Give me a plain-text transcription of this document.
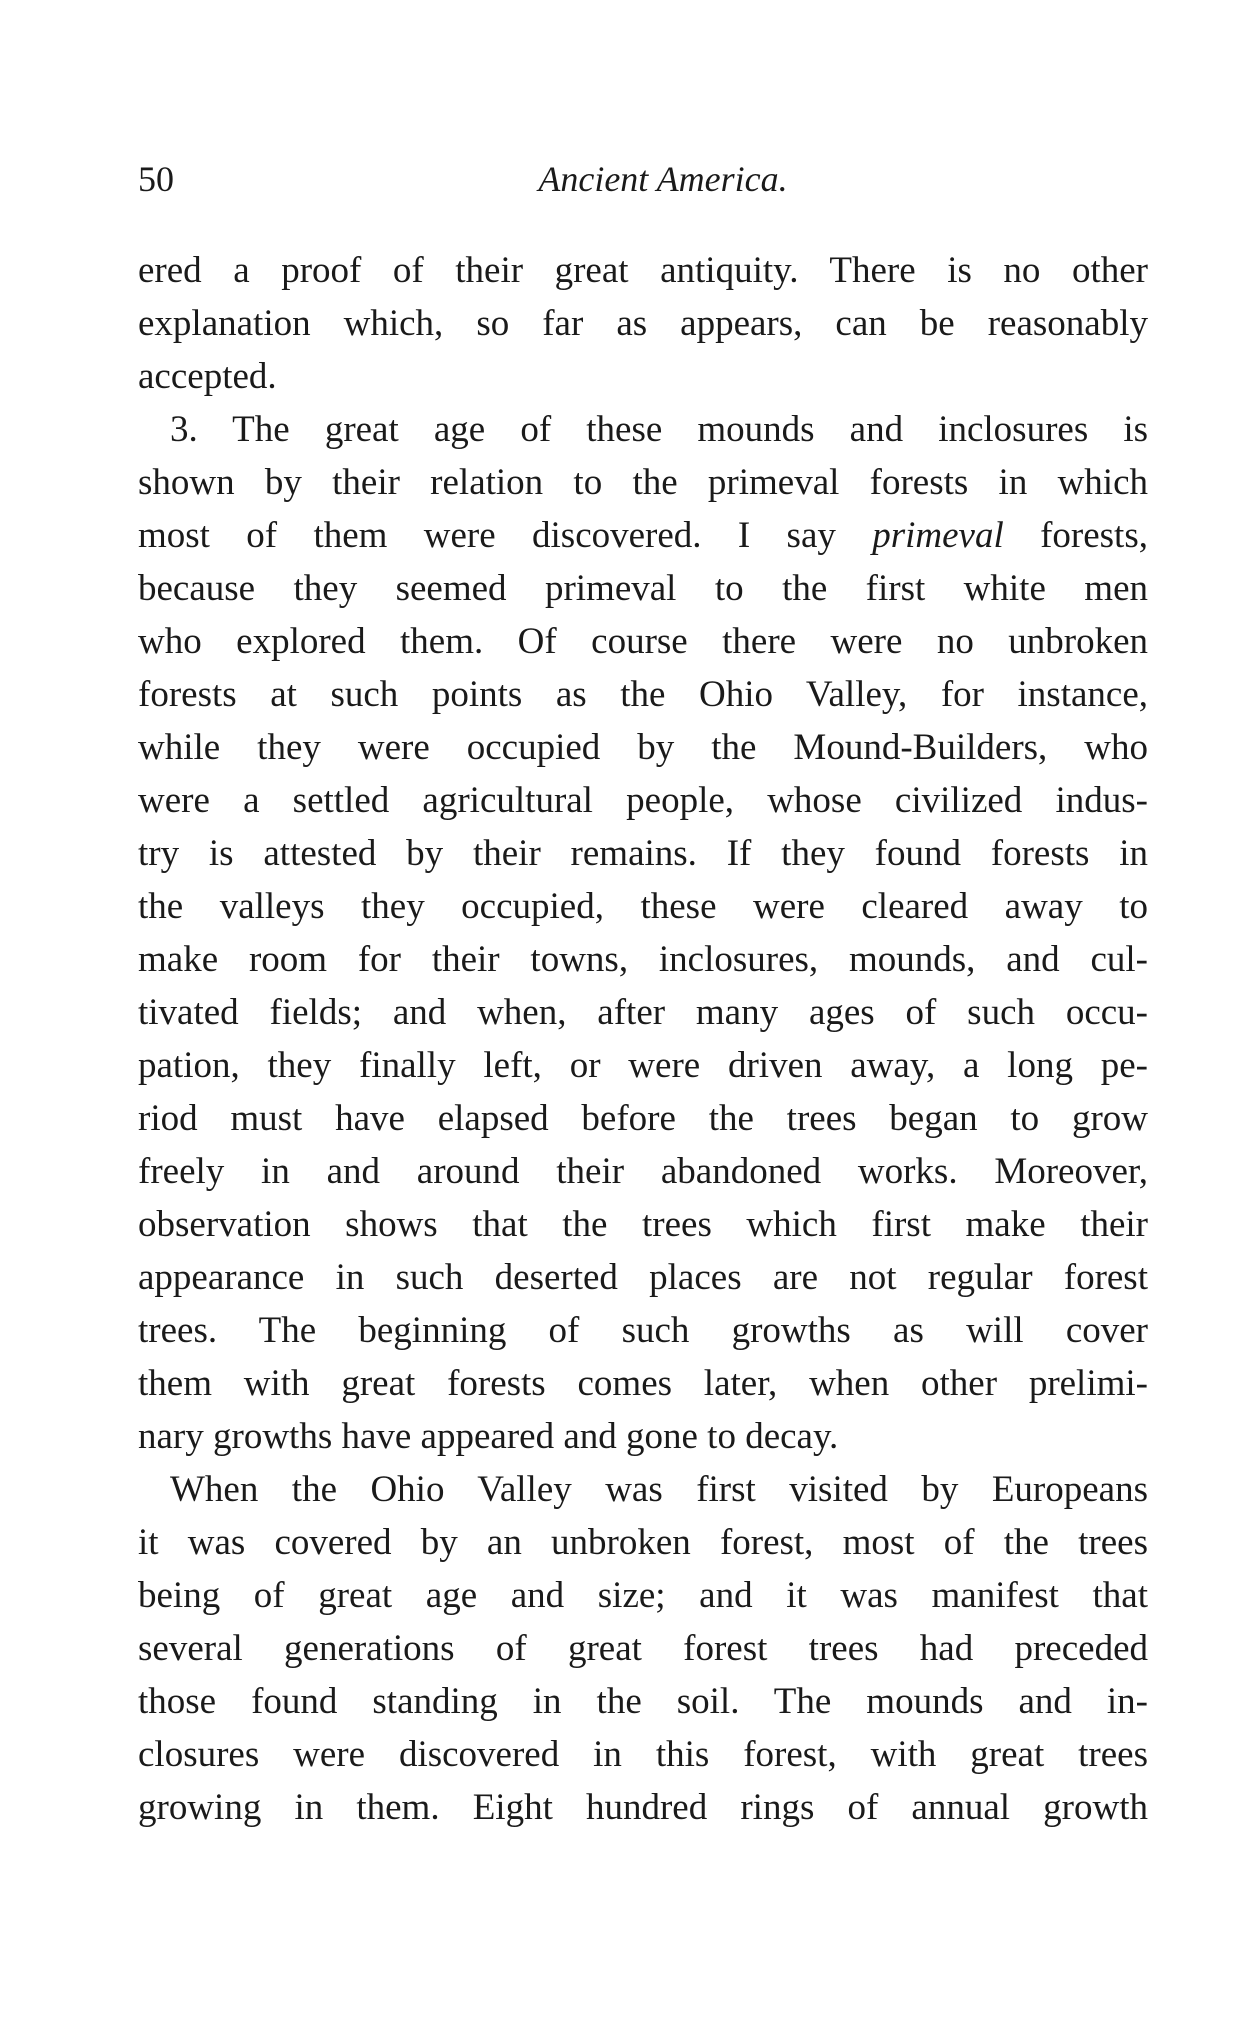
50	Ancient America.
ered a proof of their great antiquity. There is no other
explanation which, so far as appears, can be reasonably
accepted.
3. The great age of these mounds and inclosures is
shown by their relation to the primeval forests in which
most of them were discovered. I say primeval forests,
because they seemed primeval to the first white men
who explored them. Of course there were no unbroken
forests at such points as the Ohio Valley, for instance,
while they were occupied by the Mound-Builders, who
were a settled agricultural people, whose civilized indus-
try is attested by their remains. If they found forests in
the valleys they occupied, these were cleared away to
make room for their towns, inclosures, mounds, and cul-
tivated fields; and when, after many ages of such occu-
pation, they finally left, or were driven away, a long pe-
riod must have elapsed before the trees began to grow
freely in and around their abandoned works. Moreover,
observation shows that the trees which first make their
appearance in such deserted places are not regular forest
trees. The beginning of such growths as will cover
them with great forests comes later, when other prelimi-
nary growths have appeared and gone to decay.
When the Ohio Valley was first visited by Europeans
it was covered by an unbroken forest, most of the trees
being of great age and size; and it was manifest that
several generations of great forest trees had preceded
those found standing in the soil. The mounds and in-
closures were discovered in this forest, with great trees
growing in them. Eight hundred rings of annual growth
